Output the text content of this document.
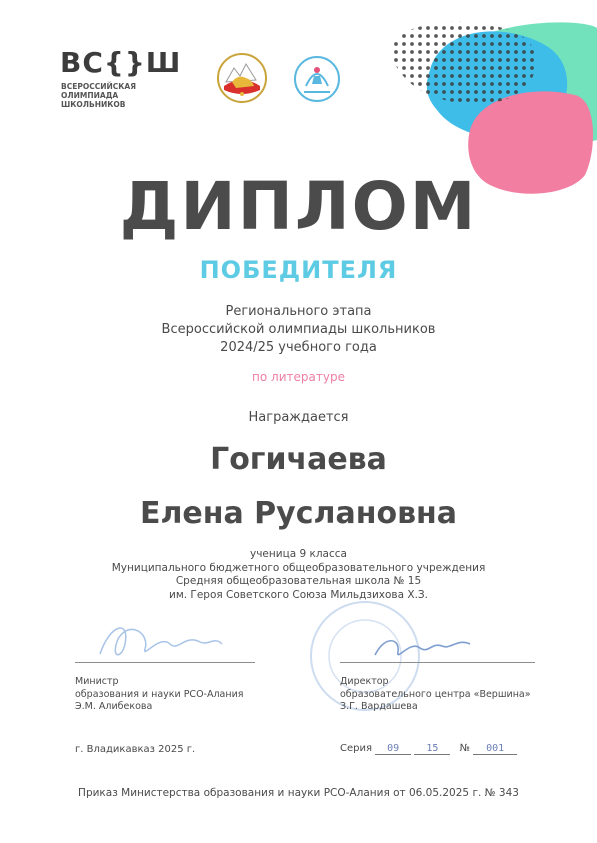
ВС{}Ш
ВСЕРОССИЙСКАЯ
ОЛИМПИАДА
ШКОЛЬНИКОВ
ДИПЛОМ
ПОБЕДИТЕЛЯ
Регионального этапа
Всероссийской олимпиады школьников
2024/25 учебного года
по литературе
Награждается
Гогичаева
Елена Руслановна
ученица 9 класса
Муниципального бюджетного общеобразовательного учреждения
Средняя общеобразовательная школа № 15
им. Героя Советского Союза Мильдзихова Х.З.
Министр
образования и науки РСО-Алания
Э.М. Алибекова
Директор
образовательного центра «Вершина»
З.Г. Вардашева
г. Владикавказ 2025 г.	Серия 09	15 № 001
Приказ Министерства образования и науки РСО-Алания от 06.05.2025 г. № 343
